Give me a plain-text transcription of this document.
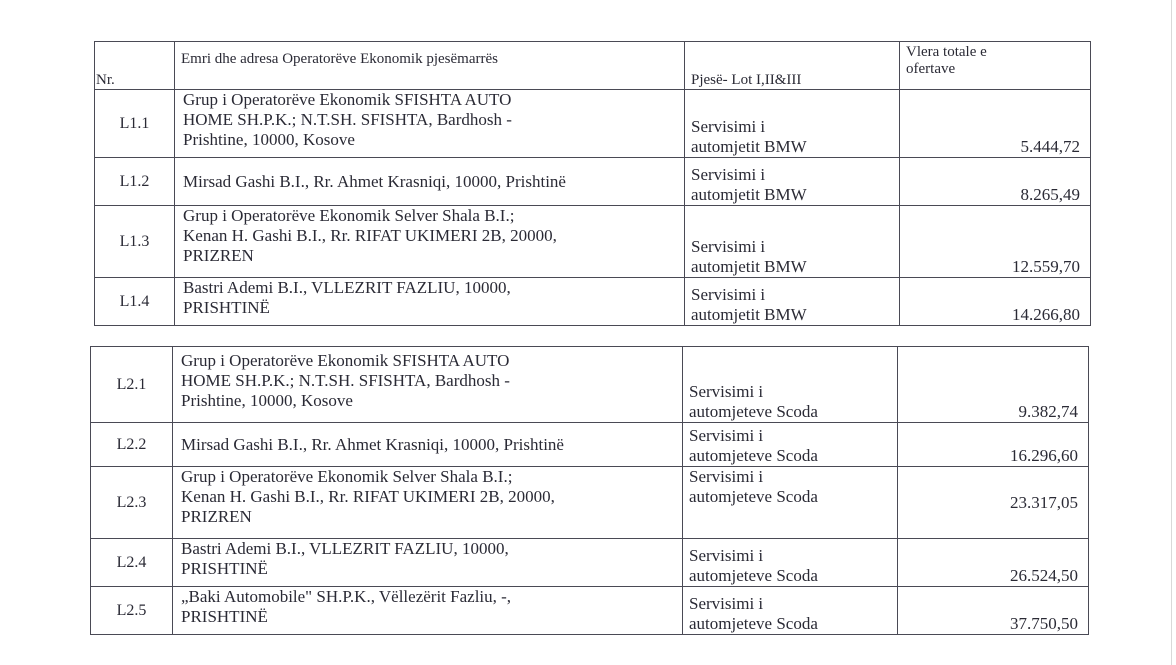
Nr.	Emri dhe adresa Operatorëve Ekonomik pjesëmarrës	Pjesë- Lot I,II&III	Vlera totale e
ofertave
L1.1	Grup i Operatorëve Ekonomik SFISHTA AUTO
HOME SH.P.K.; N.T.SH. SFISHTA, Bardhosh -
Prishtine, 10000, Kosove	Servisimi i
automjetit BMW	5.444,72
L1.2	Mirsad Gashi B.I., Rr. Ahmet Krasniqi, 10000, Prishtinë	Servisimi i
automjetit BMW	8.265,49
L1.3	Grup i Operatorëve Ekonomik Selver Shala B.I.;
Kenan H. Gashi B.I., Rr. RIFAT UKIMERI 2B, 20000,
PRIZREN	Servisimi i
automjetit BMW	12.559,70
L1.4	Bastri Ademi B.I., VLLEZRIT FAZLIU, 10000,
PRISHTINË	Servisimi i
automjetit BMW	14.266,80
L2.1	Grup i Operatorëve Ekonomik SFISHTA AUTO
HOME SH.P.K.; N.T.SH. SFISHTA, Bardhosh -
Prishtine, 10000, Kosove	Servisimi i
automjeteve Scoda	9.382,74
L2.2	Mirsad Gashi B.I., Rr. Ahmet Krasniqi, 10000, Prishtinë	Servisimi i
automjeteve Scoda	16.296,60
L2.3	Grup i Operatorëve Ekonomik Selver Shala B.I.;
Kenan H. Gashi B.I., Rr. RIFAT UKIMERI 2B, 20000,
PRIZREN	Servisimi i
automjeteve Scoda	23.317,05
L2.4	Bastri Ademi B.I., VLLEZRIT FAZLIU, 10000,
PRISHTINË	Servisimi i
automjeteve Scoda	26.524,50
L2.5	„Baki Automobile" SH.P.K., Vëllezërit Fazliu, -,
PRISHTINË	Servisimi i
automjeteve Scoda	37.750,50
